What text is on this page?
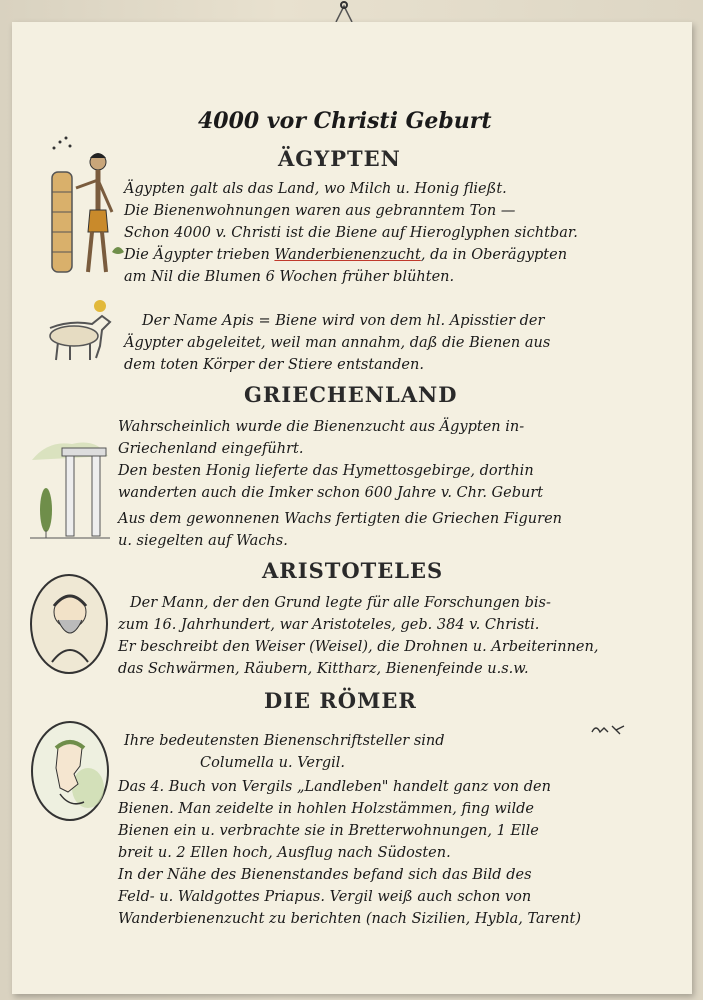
4000 vor Christi Geburt
ÄGYPTEN
Ägypten galt als das Land, wo Milch u. Honig fließt.
Die Bienenwohnungen waren aus gebranntem Ton —
Schon 4000 v. Christi ist die Biene auf Hieroglyphen sichtbar.
Die Ägypter trieben Wanderbienenzucht, da in Oberägypten
am Nil die Blumen 6 Wochen früher blühten.
Der Name Apis = Biene wird von dem hl. Apisstier der
Ägypter abgeleitet, weil man annahm, daß die Bienen aus
dem toten Körper der Stiere entstanden.
GRIECHENLAND
Wahrscheinlich wurde die Bienenzucht aus Ägypten in-
Griechenland eingeführt.
Den besten Honig lieferte das Hymettosgebirge, dorthin
wanderten auch die Imker schon 600 Jahre v. Chr. Geburt
Aus dem gewonnenen Wachs fertigten die Griechen Figuren
u. siegelten auf Wachs.
ARISTOTELES
Der Mann, der den Grund legte für alle Forschungen bis-
zum 16. Jahrhundert, war Aristoteles, geb. 384 v. Christi.
Er beschreibt den Weiser (Weisel), die Drohnen u. Arbeiterinnen,
das Schwärmen, Räubern, Kittharz, Bienenfeinde u.s.w.
DIE RÖMER
Ihre bedeutensten Bienenschriftsteller sind
Columella u. Vergil.
Das 4. Buch von Vergils „Landleben" handelt ganz von den
Bienen. Man zeidelte in hohlen Holzstämmen, fing wilde
Bienen ein u. verbrachte sie in Bretterwohnungen, 1 Elle
breit u. 2 Ellen hoch, Ausflug nach Südosten.
In der Nähe des Bienenstandes befand sich das Bild des
Feld- u. Waldgottes Priapus. Vergil weiß auch schon von
Wanderbienenzucht zu berichten (nach Sizilien, Hybla, Tarent)
